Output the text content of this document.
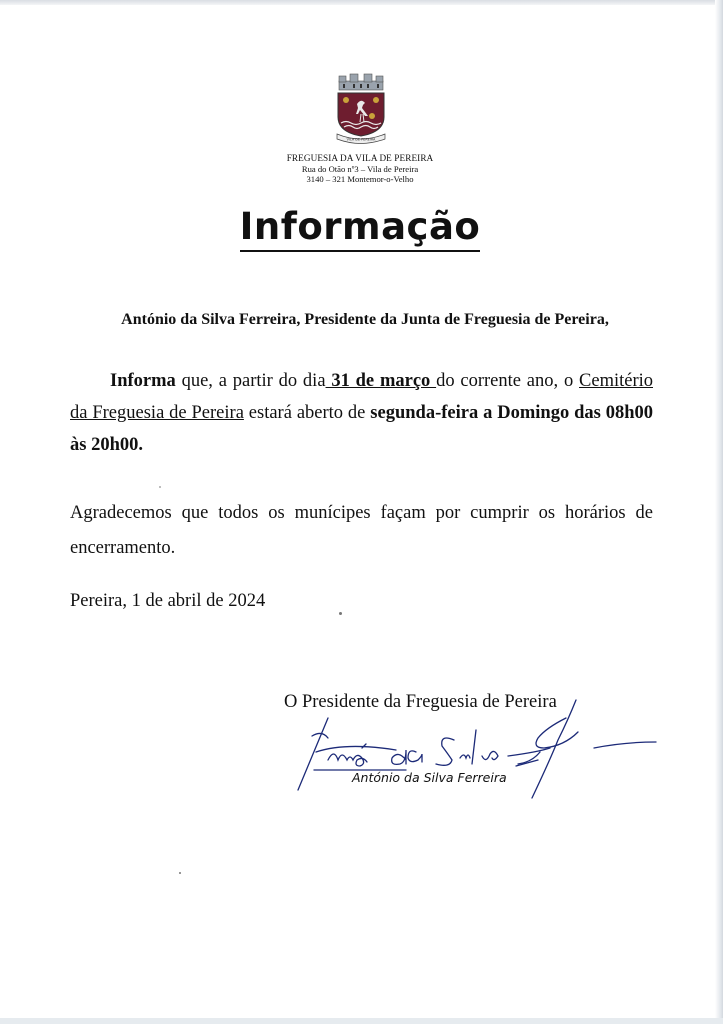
VILA DE PEREIRA
FREGUESIA DA VILA DE PEREIRA
Rua do Otão nº3 – Vila de Pereira
3140 – 321 Montemor-o-Velho
Informação
António da Silva Ferreira, Presidente da Junta de Freguesia de Pereira,
Informa que, a partir do dia 31 de março do corrente ano, o Cemitério da Freguesia de Pereira estará aberto de segunda-feira a Domingo das 08h00 às 20h00.
Agradecemos que todos os munícipes façam por cumprir os horários de encerramento.
Pereira, 1 de abril de 2024
O Presidente da Freguesia de Pereira
António da Silva Ferreira
